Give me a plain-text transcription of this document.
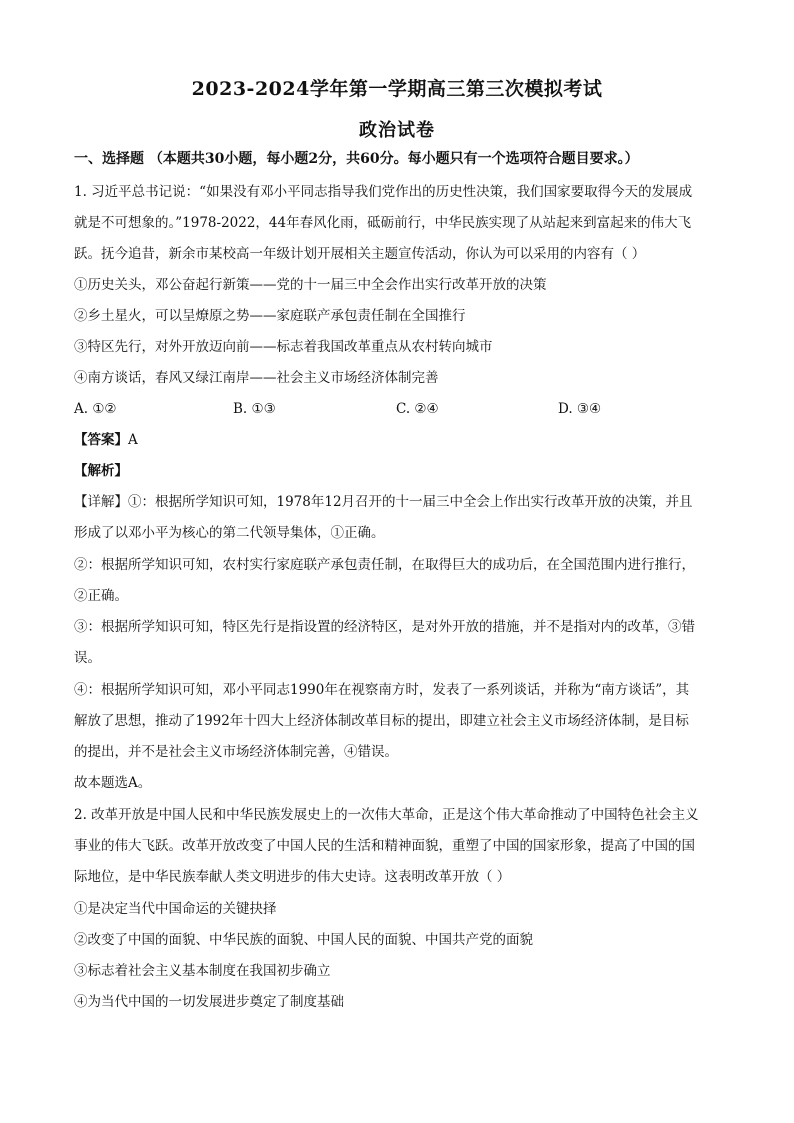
2023-2024学年第一学期高三第三次模拟考试
政治试卷
一、选择题 （本题共30小题，每小题2分，共60分。每小题只有一个选项符合题目要求。）
1. 习近平总书记说：“如果没有邓小平同志指导我们党作出的历史性决策，我们国家要取得今天的发展成
就是不可想象的。”1978-2022，44年春风化雨，砥砺前行，中华民族实现了从站起来到富起来的伟大飞
跃。抚今追昔，新余市某校高一年级计划开展相关主题宣传活动，你认为可以采用的内容有（ ）
①历史关头，邓公奋起行新策——党的十一届三中全会作出实行改革开放的决策
②乡土星火，可以呈燎原之势——家庭联产承包责任制在全国推行
③特区先行，对外开放迈向前——标志着我国改革重点从农村转向城市
④南方谈话，春风又绿江南岸——社会主义市场经济体制完善
A. ①②	B. ①③	C. ②④	D. ③④
【答案】A
【解析】
【详解】①：根据所学知识可知，1978年12月召开的十一届三中全会上作出实行改革开放的决策，并且
形成了以邓小平为核心的第二代领导集体，①正确。
②：根据所学知识可知，农村实行家庭联产承包责任制，在取得巨大的成功后，在全国范围内进行推行，
②正确。
③：根据所学知识可知，特区先行是指设置的经济特区，是对外开放的措施，并不是指对内的改革，③错
误。
④：根据所学知识可知，邓小平同志1990年在视察南方时，发表了一系列谈话，并称为“南方谈话”，其
解放了思想，推动了1992年十四大上经济体制改革目标的提出，即建立社会主义市场经济体制，是目标
的提出，并不是社会主义市场经济体制完善，④错误。
故本题选A。
2. 改革开放是中国人民和中华民族发展史上的一次伟大革命，正是这个伟大革命推动了中国特色社会主义
事业的伟大飞跃。改革开放改变了中国人民的生活和精神面貌，重塑了中国的国家形象，提高了中国的国
际地位，是中华民族奉献人类文明进步的伟大史诗。这表明改革开放（ ）
①是决定当代中国命运的关键抉择
②改变了中国的面貌、中华民族的面貌、中国人民的面貌、中国共产党的面貌
③标志着社会主义基本制度在我国初步确立
④为当代中国的一切发展进步奠定了制度基础
